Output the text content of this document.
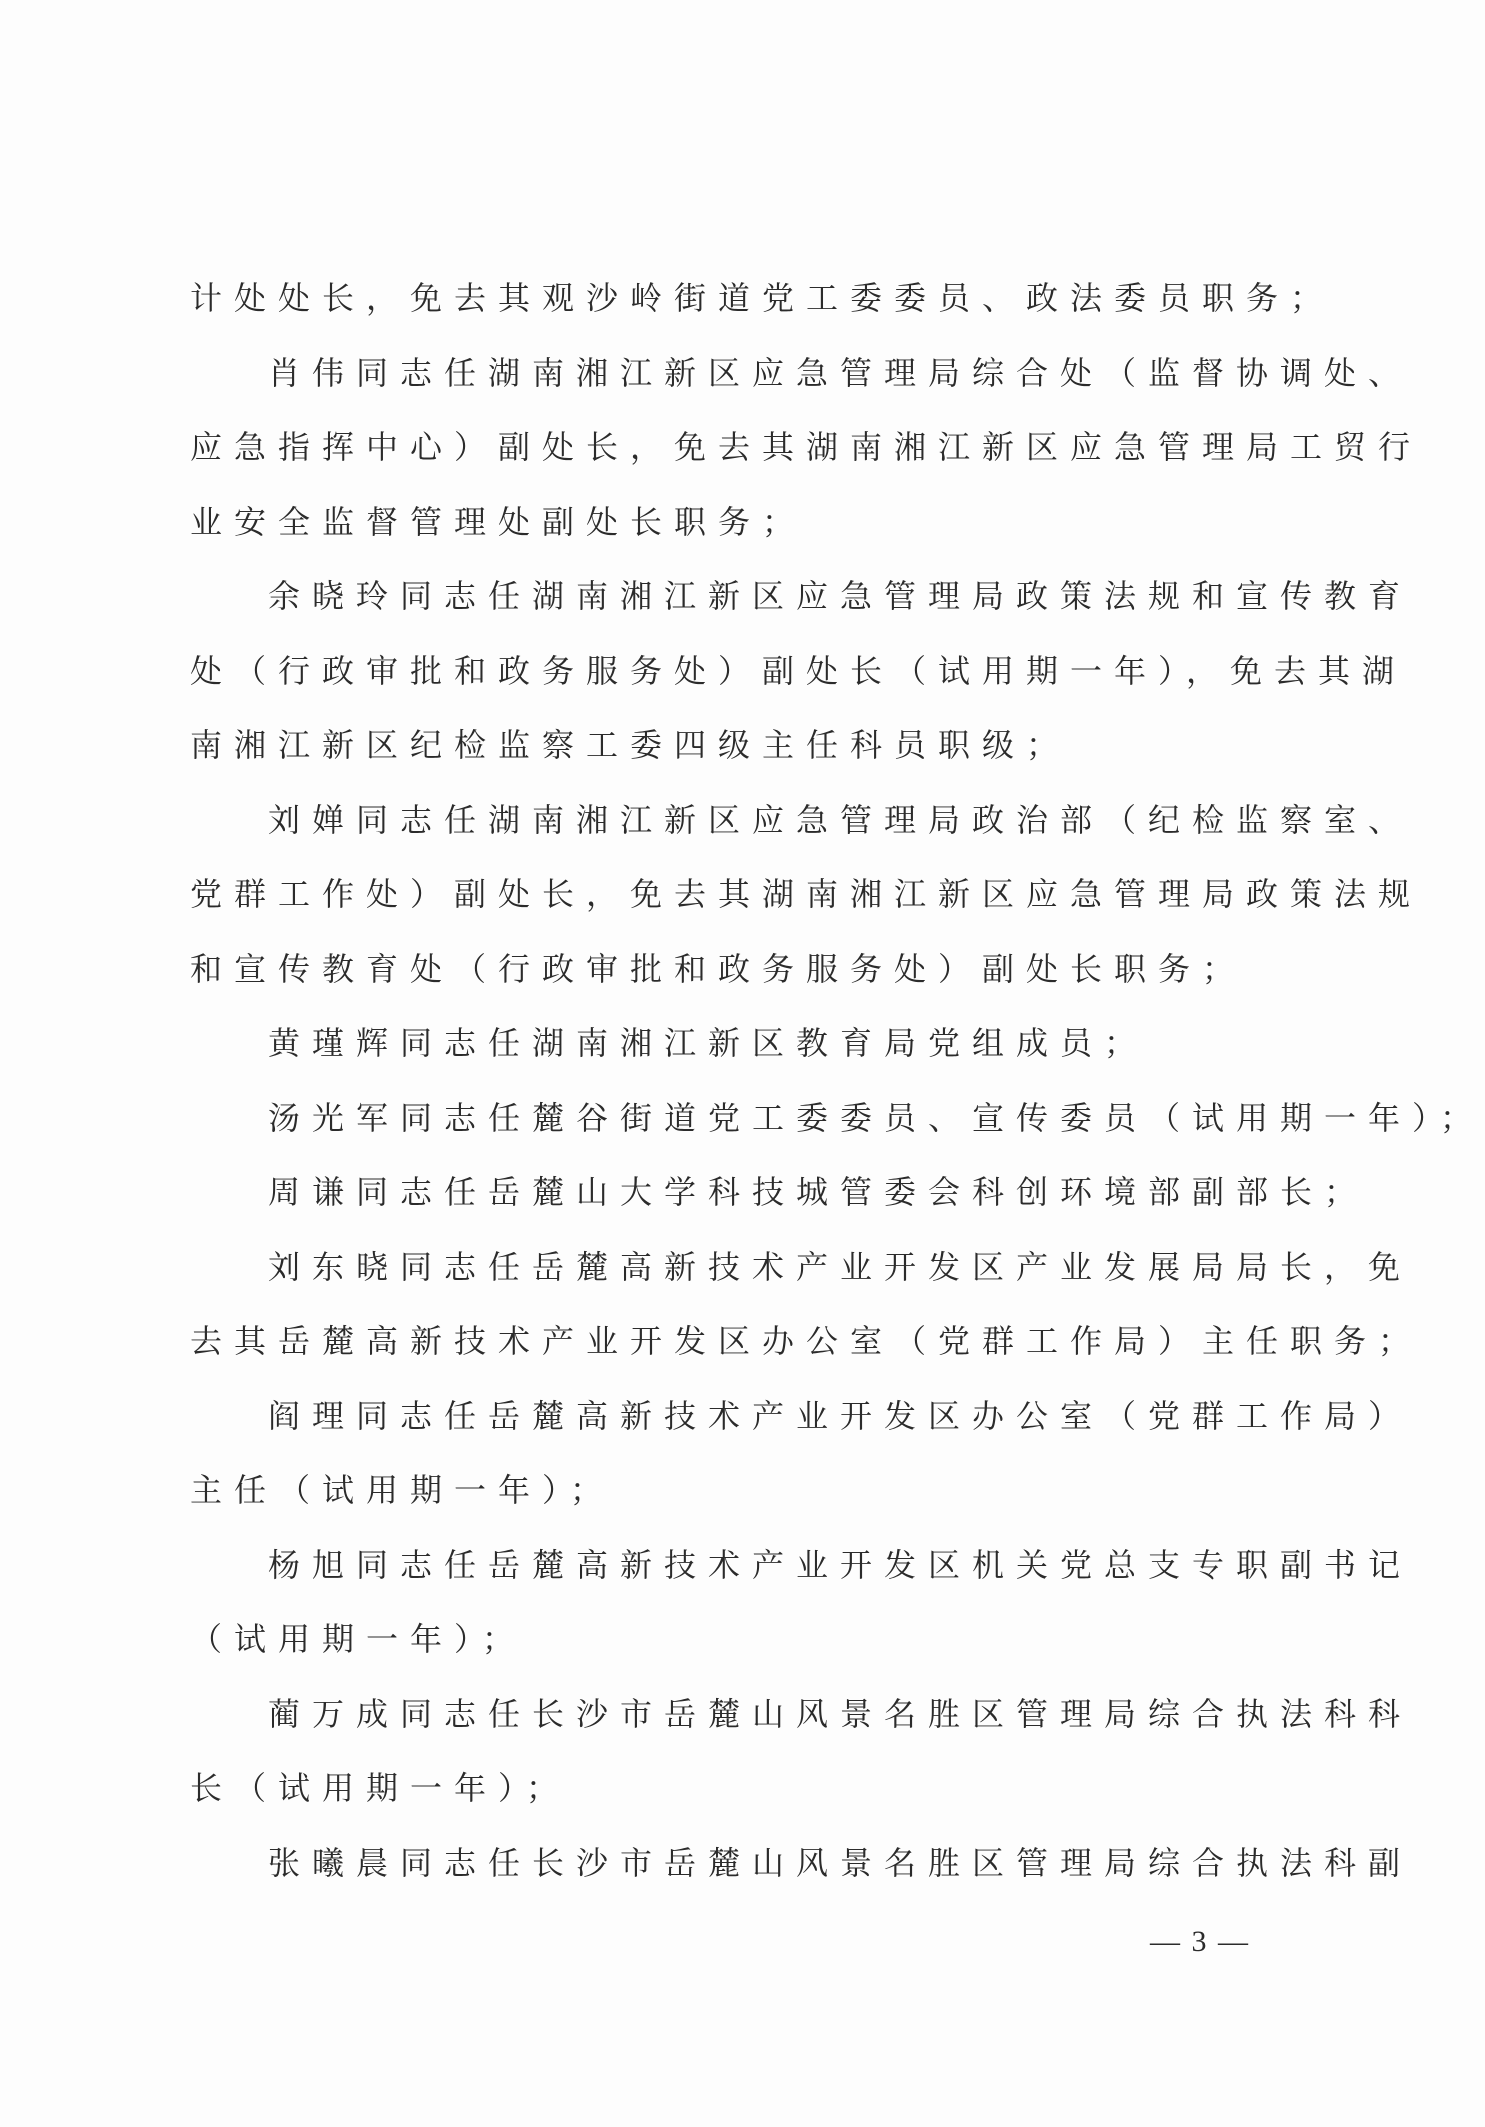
计处处长，免去其观沙岭街道党工委委员、政法委员职务；
肖伟同志任湖南湘江新区应急管理局综合处（监督协调处、
应急指挥中心）副处长，免去其湖南湘江新区应急管理局工贸行
业安全监督管理处副处长职务；
余晓玲同志任湖南湘江新区应急管理局政策法规和宣传教育
处（行政审批和政务服务处）副处长（试用期一年），免去其湖
南湘江新区纪检监察工委四级主任科员职级；
刘婵同志任湖南湘江新区应急管理局政治部（纪检监察室、
党群工作处）副处长，免去其湖南湘江新区应急管理局政策法规
和宣传教育处（行政审批和政务服务处）副处长职务；
黄瑾辉同志任湖南湘江新区教育局党组成员；
汤光军同志任麓谷街道党工委委员、宣传委员（试用期一年）；
周谦同志任岳麓山大学科技城管委会科创环境部副部长；
刘东晓同志任岳麓高新技术产业开发区产业发展局局长，免
去其岳麓高新技术产业开发区办公室（党群工作局）主任职务；
阎理同志任岳麓高新技术产业开发区办公室（党群工作局）
主任（试用期一年）；
杨旭同志任岳麓高新技术产业开发区机关党总支专职副书记
（试用期一年）；
蔺万成同志任长沙市岳麓山风景名胜区管理局综合执法科科
长（试用期一年）；
张曦晨同志任长沙市岳麓山风景名胜区管理局综合执法科副
— 3 —
